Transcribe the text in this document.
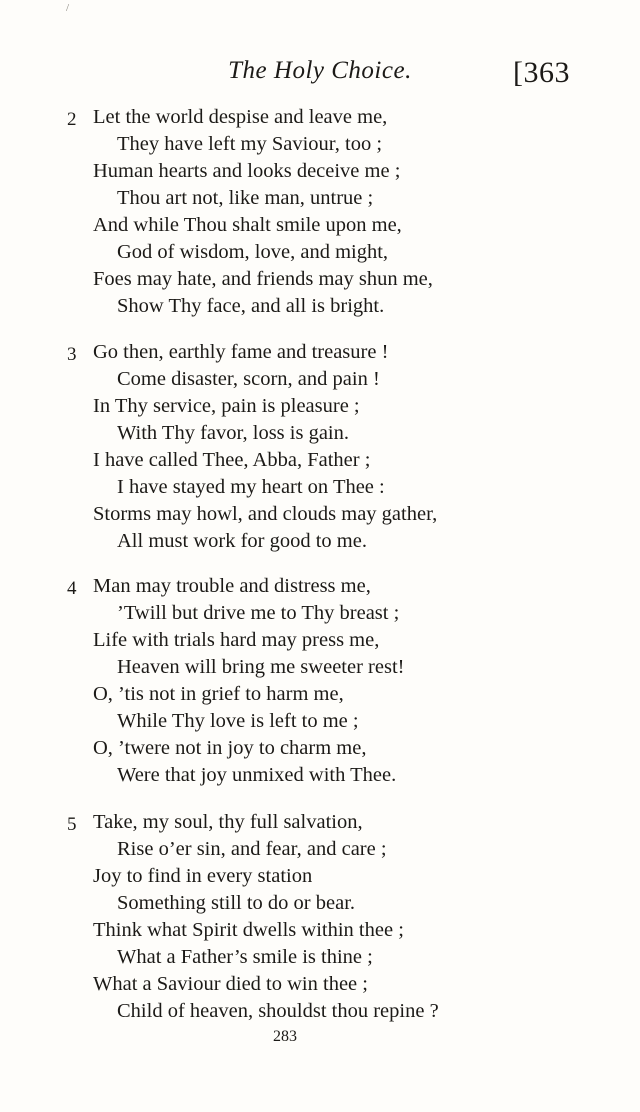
/
The Holy Choice.	[363
2 Let the world despise and leave me,
They have left my Saviour, too ;
Human hearts and looks deceive me ;
Thou art not, like man, untrue ;
And while Thou shalt smile upon me,
God of wisdom, love, and might,
Foes may hate, and friends may shun me,
Show Thy face, and all is bright.
3 Go then, earthly fame and treasure !
Come disaster, scorn, and pain !
In Thy service, pain is pleasure ;
With Thy favor, loss is gain.
I have called Thee, Abba, Father ;
I have stayed my heart on Thee :
Storms may howl, and clouds may gather,
All must work for good to me.
4 Man may trouble and distress me,
’Twill but drive me to Thy breast ;
Life with trials hard may press me,
Heaven will bring me sweeter rest!
O, ’tis not in grief to harm me,
While Thy love is left to me ;
O, ’twere not in joy to charm me,
Were that joy unmixed with Thee.
5 Take, my soul, thy full salvation,
Rise o’er sin, and fear, and care ;
Joy to find in every station
Something still to do or bear.
Think what Spirit dwells within thee ;
What a Father’s smile is thine ;
What a Saviour died to win thee ;
Child of heaven, shouldst thou repine ?
283
